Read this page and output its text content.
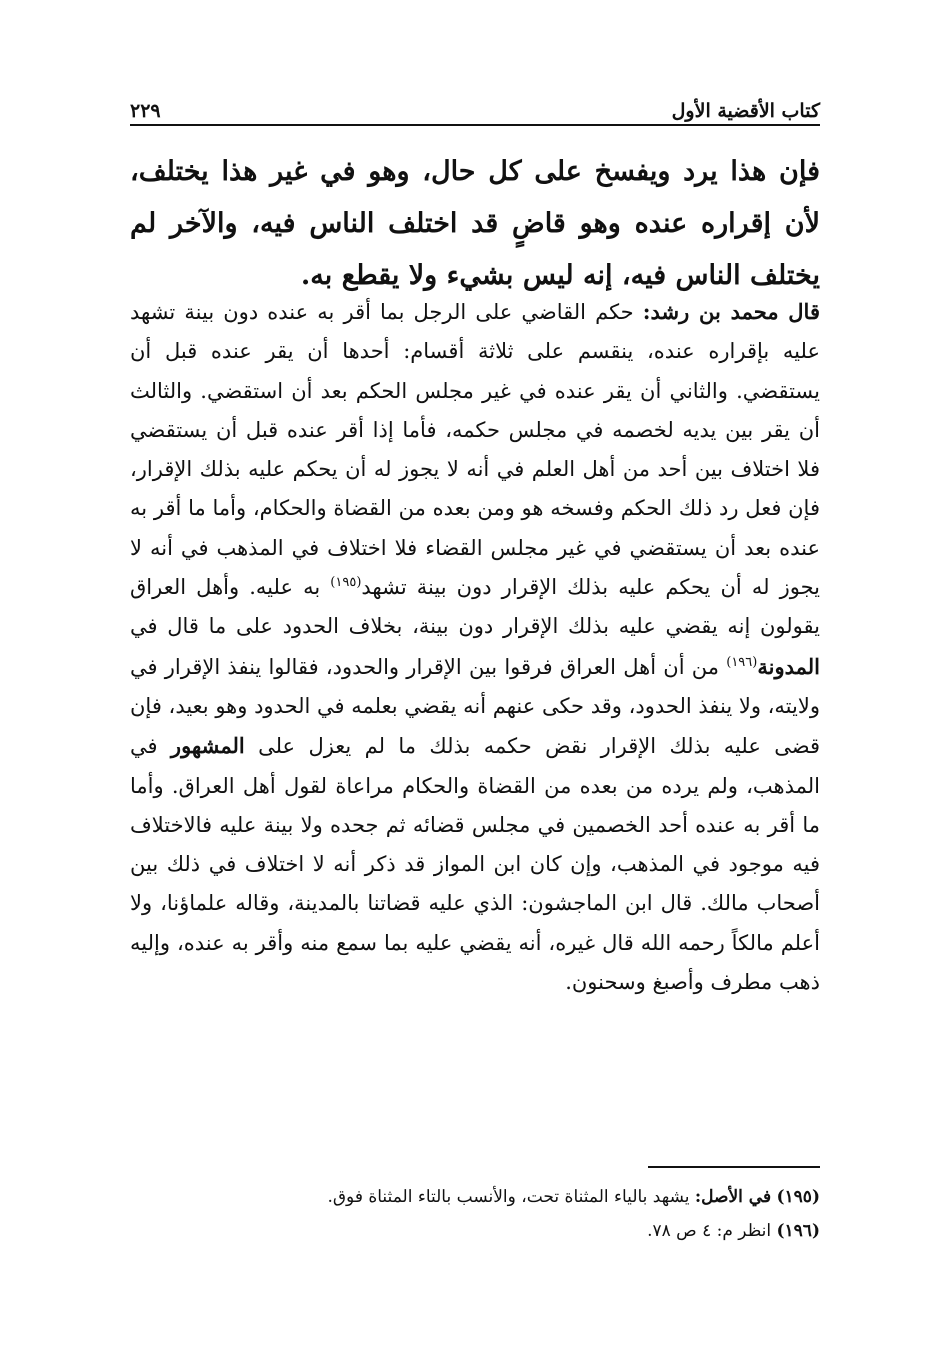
كتاب الأقضية الأول
٢٢٩

فإن هذا يرد ويفسخ على كل حال، وهو في غير هذا يختلف، لأن إقراره عنده وهو قاضٍ قد اختلف الناس فيه، والآخر لم يختلف الناس فيه، إنه ليس بشيء ولا يقطع به.

قال محمد بن رشد: حكم القاضي على الرجل بما أقر به عنده دون بينة تشهد عليه بإقراره عنده، ينقسم على ثلاثة أقسام: أحدها أن يقر عنده قبل أن يستقضي. والثاني أن يقر عنده في غير مجلس الحكم بعد أن استقضي. والثالث أن يقر بين يديه لخصمه في مجلس حكمه، فأما إذا أقر عنده قبل أن يستقضي فلا اختلاف بين أحد من أهل العلم في أنه لا يجوز له أن يحكم عليه بذلك الإقرار، فإن فعل رد ذلك الحكم وفسخه هو ومن بعده من القضاة والحكام، وأما ما أقر به عنده بعد أن يستقضي في غير مجلس القضاء فلا اختلاف في المذهب في أنه لا يجوز له أن يحكم عليه بذلك الإقرار دون بينة تشهد$^{(١٩٥)}$ به عليه. وأهل العراق يقولون إنه يقضي عليه بذلك الإقرار دون بينة، بخلاف الحدود على ما قال في المدونة$^{(١٩٦)}$ من أن أهل العراق فرقوا بين الإقرار والحدود، فقالوا ينفذ الإقرار في ولايته، ولا ينفذ الحدود، وقد حكى عنهم أنه يقضي بعلمه في الحدود وهو بعيد، فإن قضى عليه بذلك الإقرار نقض حكمه بذلك ما لم يعزل على المشهور في المذهب، ولم يرده من بعده من القضاة والحكام مراعاة لقول أهل العراق. وأما ما أقر به عنده أحد الخصمين في مجلس قضائه ثم جحده ولا بينة عليه فالاختلاف فيه موجود في المذهب، وإن كان ابن المواز قد ذكر أنه لا اختلاف في ذلك بين أصحاب مالك. قال ابن الماجشون: الذي عليه قضاتنا بالمدينة، وقاله علماؤنا، ولا أعلم مالكاً رحمه الله قال غيره، أنه يقضي عليه بما سمع منه وأقر به عنده، وإليه ذهب مطرف وأصبغ وسحنون.

(١٩٥) في الأصل: يشهد بالياء المثناة تحت، والأنسب بالتاء المثناة فوق.

(١٩٦) انظر م: ٤ ص ٧٨.
